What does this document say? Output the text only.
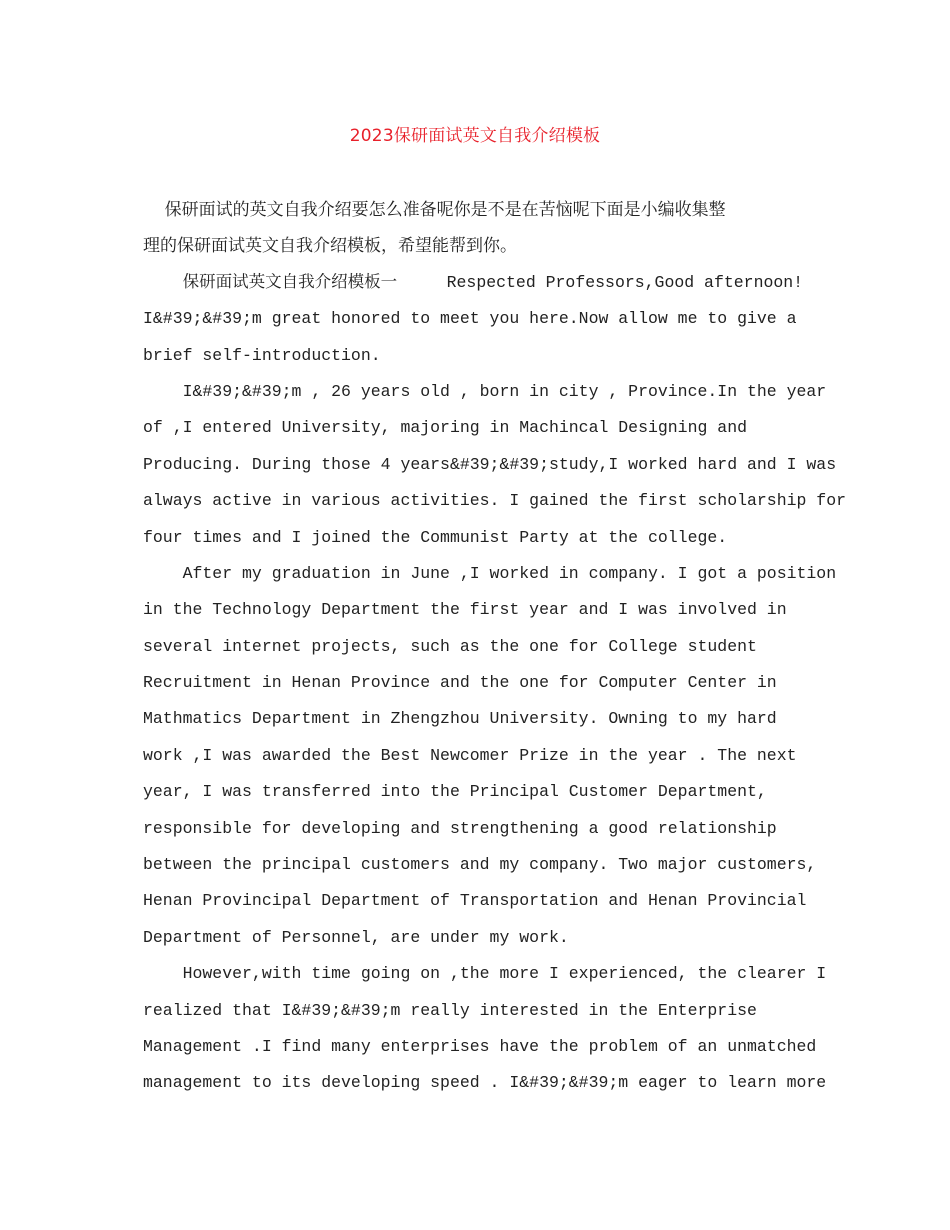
2023保研面试英文自我介绍模板
保研面试的英文自我介绍要怎么准备呢你是不是在苦恼呢下面是小编收集整
理的保研面试英文自我介绍模板，希望能帮到你。
保研面试英文自我介绍模板一     Respected Professors,Good afternoon!
I&#39;&#39;m great honored to meet you here.Now allow me to give a
brief self-introduction.
I&#39;&#39;m , 26 years old , born in city , Province.In the year
of ,I entered University, majoring in Machincal Designing and
Producing. During those 4 years&#39;&#39;study,I worked hard and I was
always active in various activities. I gained the first scholarship for
four times and I joined the Communist Party at the college.
After my graduation in June ,I worked in company. I got a position
in the Technology Department the first year and I was involved in
several internet projects, such as the one for College student
Recruitment in Henan Province and the one for Computer Center in
Mathmatics Department in Zhengzhou University. Owning to my hard
work ,I was awarded the Best Newcomer Prize in the year . The next
year, I was transferred into the Principal Customer Department,
responsible for developing and strengthening a good relationship
between the principal customers and my company. Two major customers,
Henan Provincipal Department of Transportation and Henan Provincial
Department of Personnel, are under my work.
However,with time going on ,the more I experienced, the clearer I
realized that I&#39;&#39;m really interested in the Enterprise
Management .I find many enterprises have the problem of an unmatched
management to its developing speed . I&#39;&#39;m eager to learn more
